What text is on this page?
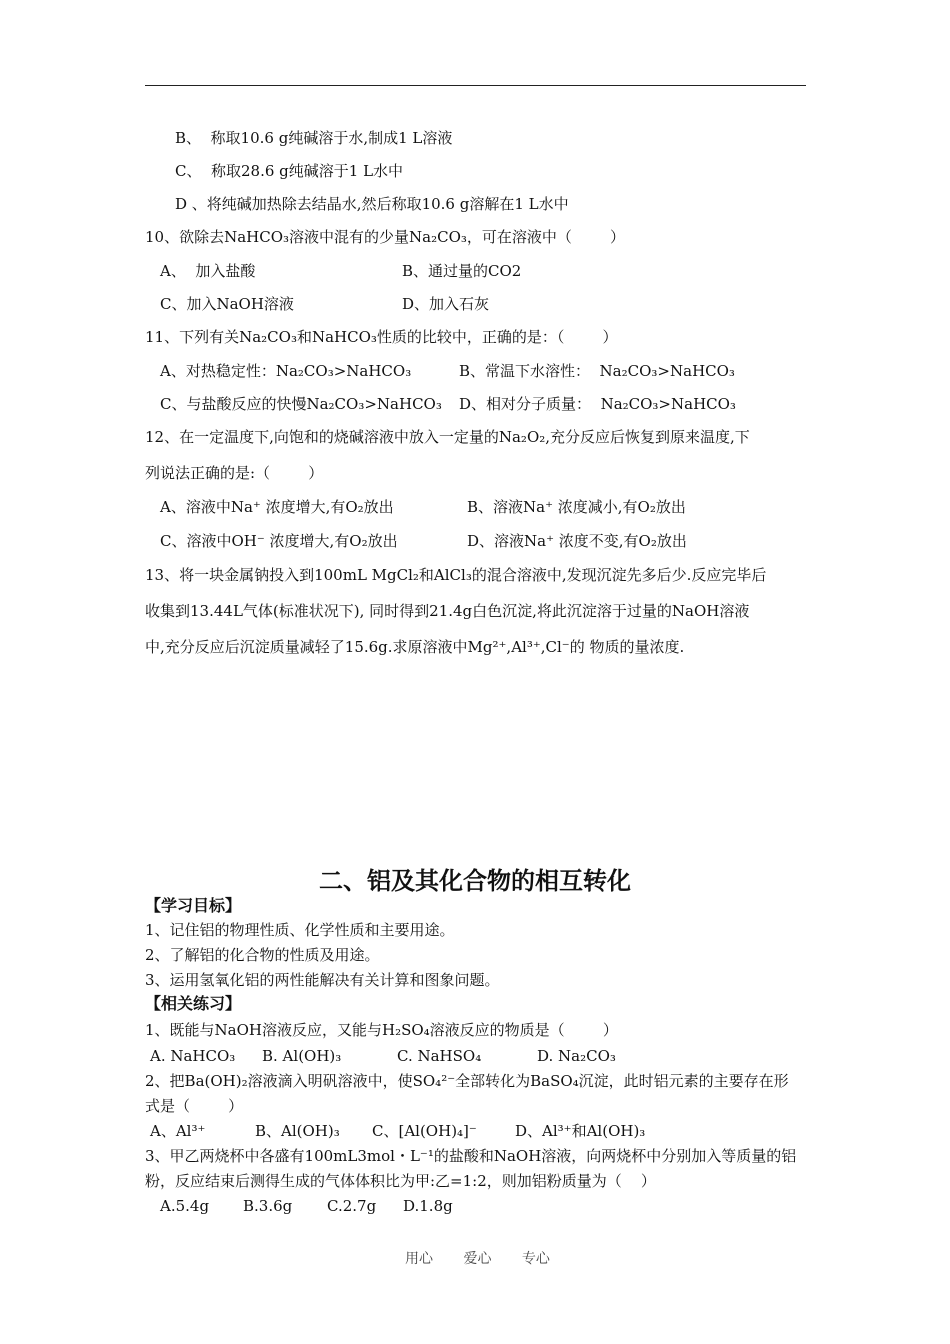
B、  称取10.6 g纯碱溶于水,制成1 L溶液
C、  称取28.6 g纯碱溶于1 L水中
D 、将纯碱加热除去结晶水,然后称取10.6 g溶解在1 L水中
10、欲除去NaHCO₃溶液中混有的少量Na₂CO₃，可在溶液中（        ）
A、  加入盐酸	B、通过量的CO2
C、加入NaOH溶液	D、加入石灰
11、下列有关Na₂CO₃和NaHCO₃性质的比较中，正确的是：（        ）
A、对热稳定性：Na₂CO₃>NaHCO₃	B、常温下水溶性：  Na₂CO₃>NaHCO₃
C、与盐酸反应的快慢Na₂CO₃>NaHCO₃ D、相对分子质量：  Na₂CO₃>NaHCO₃
12、在一定温度下,向饱和的烧碱溶液中放入一定量的Na₂O₂,充分反应后恢复到原来温度,下
列说法正确的是:（        ）
A、溶液中Na⁺ 浓度增大,有O₂放出	B、溶液Na⁺ 浓度减小,有O₂放出
C、溶液中OH⁻ 浓度增大,有O₂放出	D、溶液Na⁺ 浓度不变,有O₂放出
13、将一块金属钠投入到100mL MgCl₂和AlCl₃的混合溶液中,发现沉淀先多后少.反应完毕后
收集到13.44L气体(标准状况下), 同时得到21.4g白色沉淀,将此沉淀溶于过量的NaOH溶液
中,充分反应后沉淀质量减轻了15.6g.求原溶液中Mg²⁺,Al³⁺,Cl⁻的 物质的量浓度.
二、铝及其化合物的相互转化
【学习目标】
1、记住铝的物理性质、化学性质和主要用途。
2、了解铝的化合物的性质及用途。
3、运用氢氧化铝的两性能解决有关计算和图象问题。
【相关练习】
1、既能与NaOH溶液反应，又能与H₂SO₄溶液反应的物质是（        ）
A. NaHCO₃ B. Al(OH)₃	C. NaHSO₄	D. Na₂CO₃
2、把Ba(OH)₂溶液滴入明矾溶液中，使SO₄²⁻全部转化为BaSO₄沉淀，此时铝元素的主要存在形
式是（        ）
A、Al³⁺	B、Al(OH)₃ C、[Al(OH)₄]⁻	D、Al³⁺和Al(OH)₃
3、甲乙两烧杯中各盛有100mL3mol・L⁻¹的盐酸和NaOH溶液，向两烧杯中分别加入等质量的铝
粉，反应结束后测得生成的气体体积比为甲:乙=1:2，则加铝粉质量为（    ）
A.5.4g B.3.6g C.2.7g D.1.8g
用心 爱心 专心
